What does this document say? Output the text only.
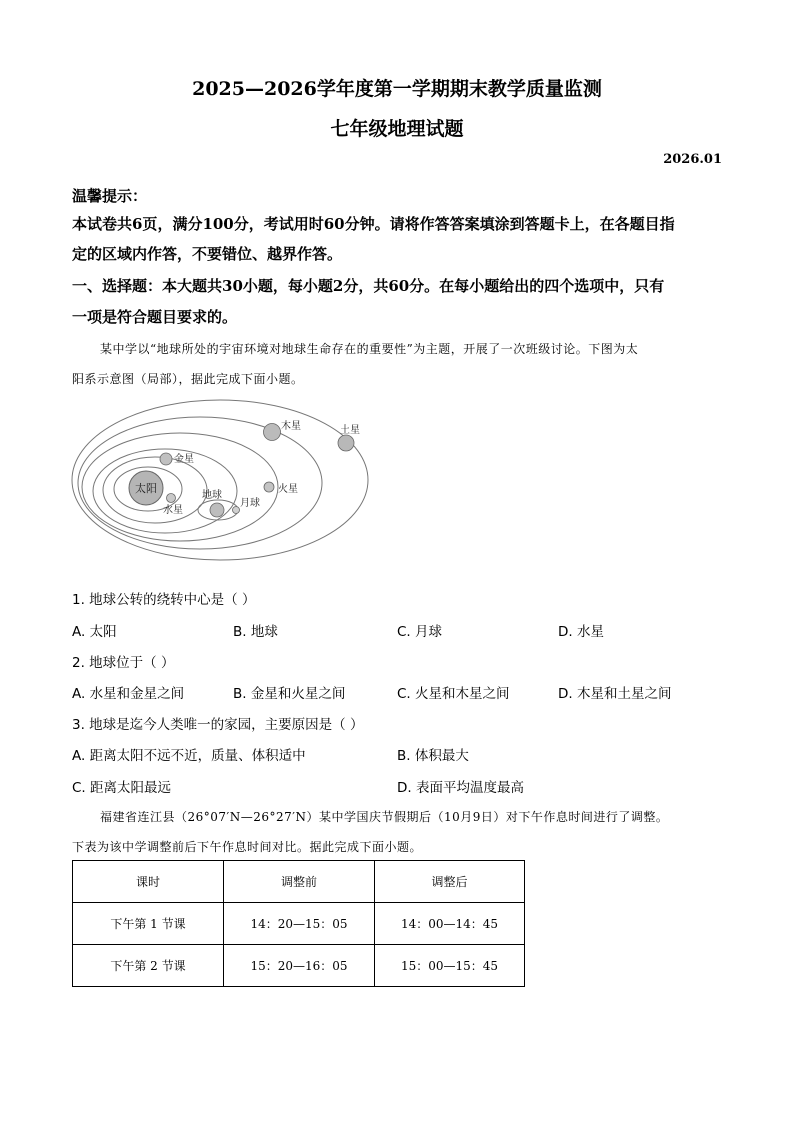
2025—2026学年度第一学期期末教学质量监测
七年级地理试题
2026.01
温馨提示：
本试卷共6页，满分100分，考试用时60分钟。请将作答答案填涂到答题卡上，在各题目指
定的区域内作答，不要错位、越界作答。
一、选择题：本大题共30小题，每小题2分，共60分。在每小题给出的四个选项中，只有
一项是符合题目要求的。
某中学以“地球所处的宇宙环境对地球生命存在的重要性”为主题，开展了一次班级讨论。下图为太
阳系示意图（局部），据此完成下面小题。
太阳
水星
金星
地球
月球
火星
木星	土星
1. 地球公转的绕转中心是（ ）
A. 太阳	B. 地球	C. 月球	D. 水星
2. 地球位于（ ）
A. 水星和金星之间	B. 金星和火星之间	C. 火星和木星之间	D. 木星和土星之间
3. 地球是迄今人类唯一的家园，主要原因是（ ）
A. 距离太阳不远不近，质量、体积适中	B. 体积最大
C. 距离太阳最远	D. 表面平均温度最高
福建省连江县（26°07′N—26°27′N）某中学国庆节假期后（10月9日）对下午作息时间进行了调整。
下表为该中学调整前后下午作息时间对比。据此完成下面小题。
课时	调整前	调整后
下午第 1 节课	14：20—15：05	14：00—14：45
下午第 2 节课	15：20—16：05	15：00—15：45
